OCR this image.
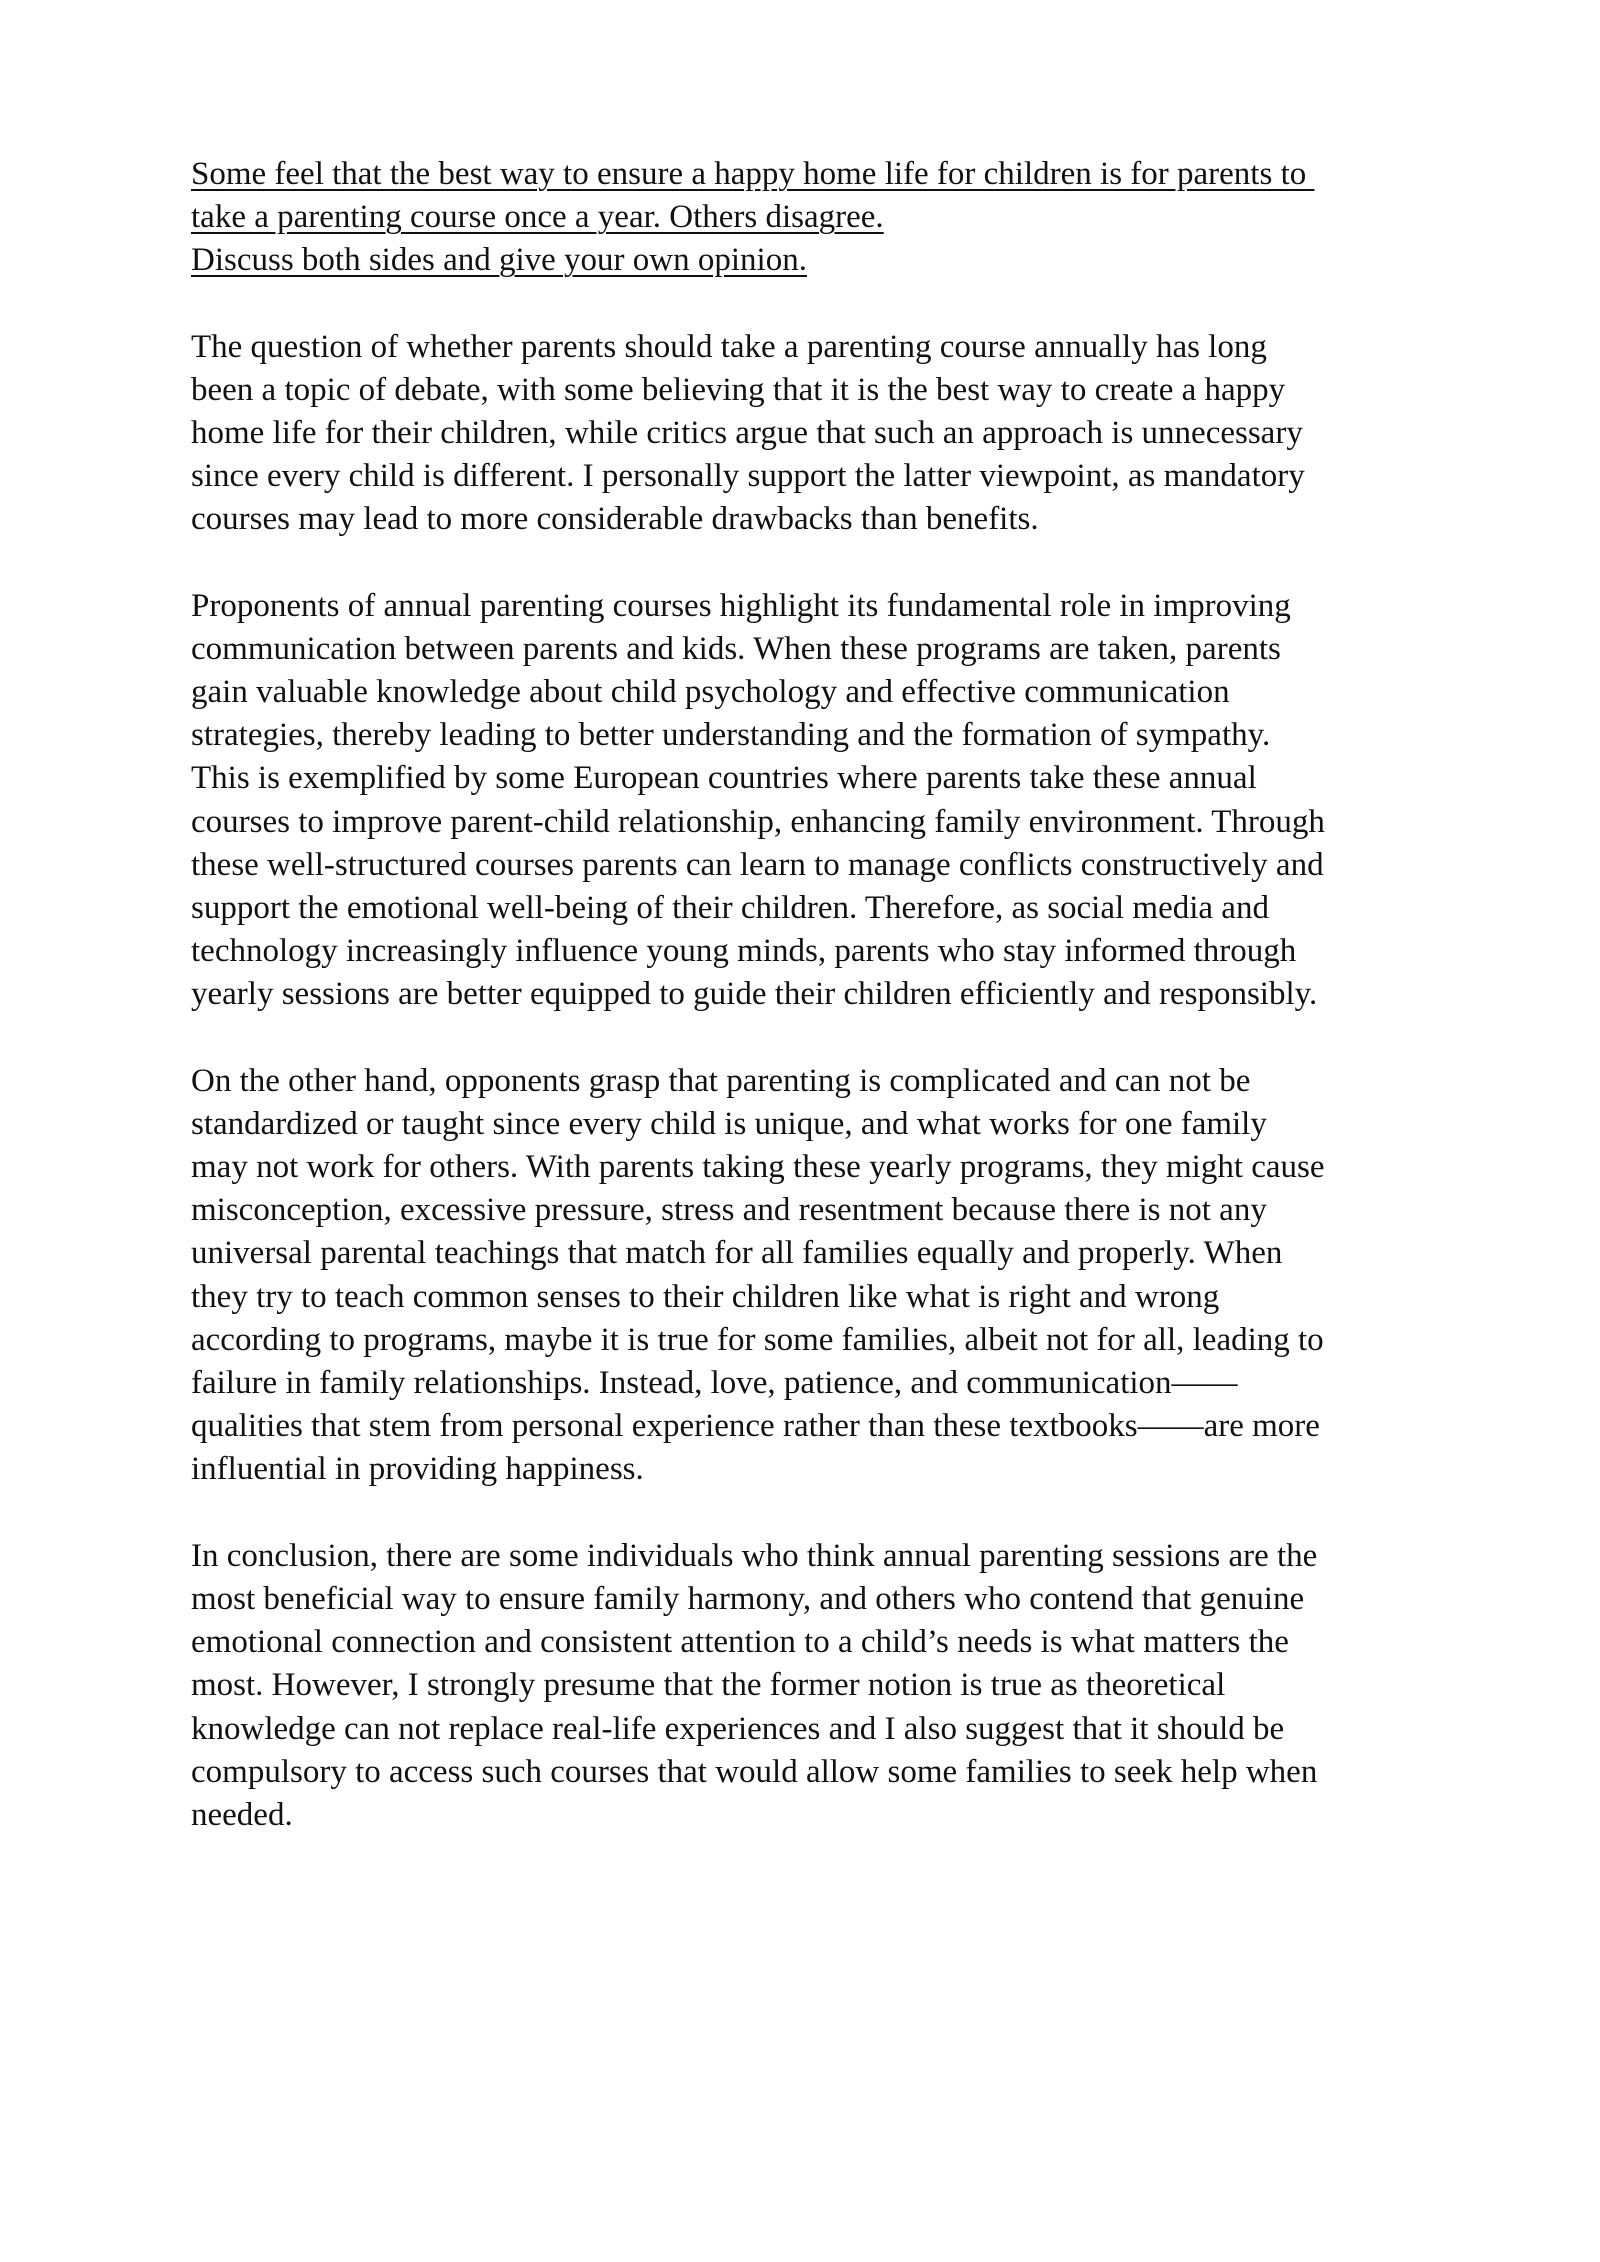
Some feel that the best way to ensure a happy home life for children is for parents to
take a parenting course once a year. Others disagree.
Discuss both sides and give your own opinion.
The question of whether parents should take a parenting course annually has long
been a topic of debate, with some believing that it is the best way to create a happy
home life for their children, while critics argue that such an approach is unnecessary
since every child is different. I personally support the latter viewpoint, as mandatory
courses may lead to more considerable drawbacks than benefits.
Proponents of annual parenting courses highlight its fundamental role in improving
communication between parents and kids. When these programs are taken, parents
gain valuable knowledge about child psychology and effective communication
strategies, thereby leading to better understanding and the formation of sympathy.
This is exemplified by some European countries where parents take these annual
courses to improve parent-child relationship, enhancing family environment. Through
these well-structured courses parents can learn to manage conflicts constructively and
support the emotional well-being of their children. Therefore, as social media and
technology increasingly influence young minds, parents who stay informed through
yearly sessions are better equipped to guide their children efficiently and responsibly.
On the other hand, opponents grasp that parenting is complicated and can not be
standardized or taught since every child is unique, and what works for one family
may not work for others. With parents taking these yearly programs, they might cause
misconception, excessive pressure, stress and resentment because there is not any
universal parental teachings that match for all families equally and properly. When
they try to teach common senses to their children like what is right and wrong
according to programs, maybe it is true for some families, albeit not for all, leading to
failure in family relationships. Instead, love, patience, and communication——
qualities that stem from personal experience rather than these textbooks——are more
influential in providing happiness.
In conclusion, there are some individuals who think annual parenting sessions are the
most beneficial way to ensure family harmony, and others who contend that genuine
emotional connection and consistent attention to a child’s needs is what matters the
most. However, I strongly presume that the former notion is true as theoretical
knowledge can not replace real-life experiences and I also suggest that it should be
compulsory to access such courses that would allow some families to seek help when
needed.
